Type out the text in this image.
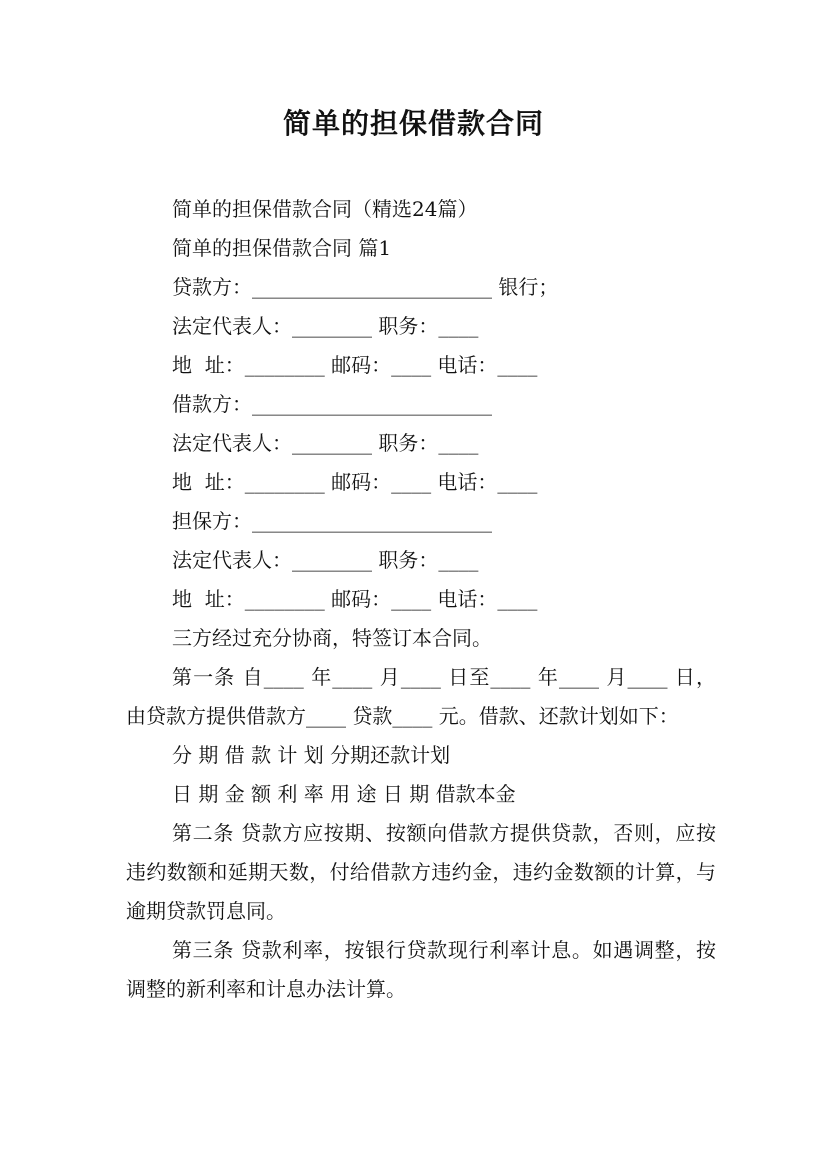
简单的担保借款合同

简单的担保借款合同（精选24篇）

简单的担保借款合同 篇1

贷款方：________________________ 银行；

法定代表人：________ 职务：____

地  址：________ 邮码：____ 电话：____

借款方：________________________

法定代表人：________ 职务：____

地  址：________ 邮码：____ 电话：____

担保方：________________________

法定代表人：________ 职务：____

地  址：________ 邮码：____ 电话：____

三方经过充分协商，特签订本合同。

第一条 自____ 年____ 月____ 日至____ 年____ 月____ 日，由贷款方提供借款方____ 贷款____ 元。借款、还款计划如下：

分 期 借 款 计 划 分期还款计划

日 期 金 额 利 率 用 途 日 期 借款本金

第二条 贷款方应按期、按额向借款方提供贷款，否则，应按违约数额和延期天数，付给借款方违约金，违约金数额的计算，与逾期贷款罚息同。

第三条 贷款利率，按银行贷款现行利率计息。如遇调整，按调整的新利率和计息办法计算。
